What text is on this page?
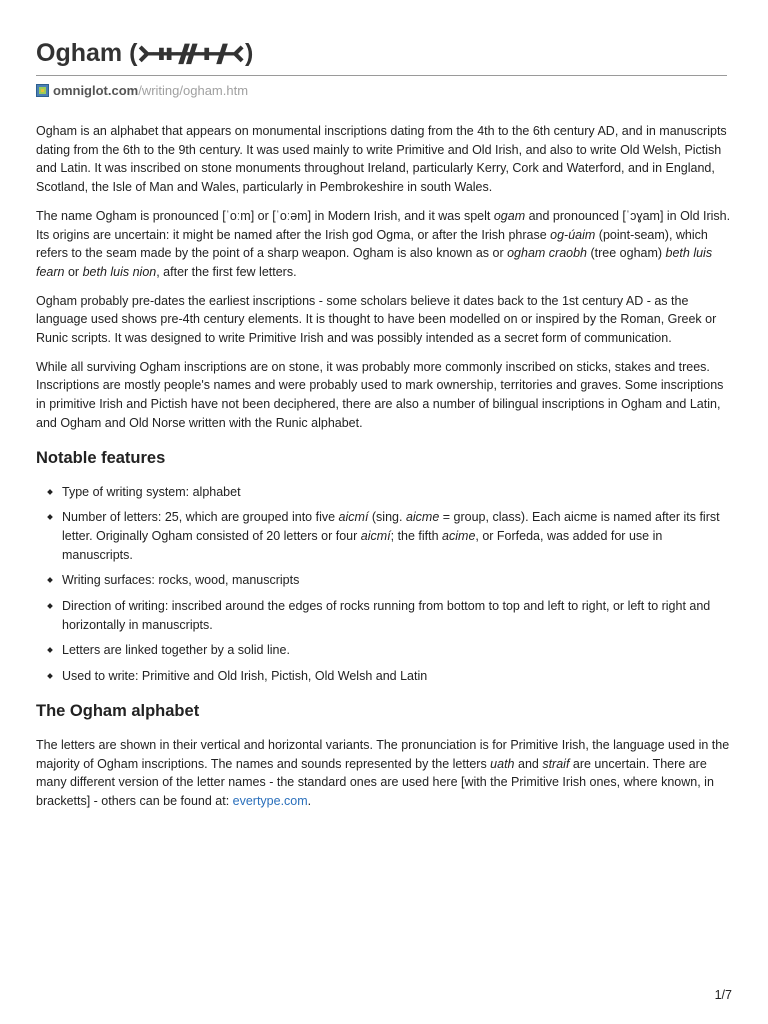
Ogham (᚛ᚑᚌᚐᚋ᚜)
omniglot.com/writing/ogham.htm

Ogham is an alphabet that appears on monumental inscriptions dating from the 4th to the 6th century AD, and in manuscripts dating from the 6th to the 9th century. It was used mainly to write Primitive and Old Irish, and also to write Old Welsh, Pictish and Latin. It was inscribed on stone monuments throughout Ireland, particularly Kerry, Cork and Waterford, and in England, Scotland, the Isle of Man and Wales, particularly in Pembrokeshire in south Wales.

The name Ogham is pronounced [ˈoːm] or [ˈoːəm] in Modern Irish, and it was spelt ogam and pronounced [ˈɔɣam] in Old Irish. Its origins are uncertain: it might be named after the Irish god Ogma, or after the Irish phrase og-úaim (point-seam), which refers to the seam made by the point of a sharp weapon. Ogham is also known as or ogham craobh (tree ogham) beth luis fearn or beth luis nion, after the first few letters.

Ogham probably pre-dates the earliest inscriptions - some scholars believe it dates back to the 1st century AD - as the language used shows pre-4th century elements. It is thought to have been modelled on or inspired by the Roman, Greek or Runic scripts. It was designed to write Primitive Irish and was possibly intended as a secret form of communication.

While all surviving Ogham inscriptions are on stone, it was probably more commonly inscribed on sticks, stakes and trees. Inscriptions are mostly people's names and were probably used to mark ownership, territories and graves. Some inscriptions in primitive Irish and Pictish have not been deciphered, there are also a number of bilingual inscriptions in Ogham and Latin, and Ogham and Old Norse written with the Runic alphabet.

Notable features
Type of writing system: alphabet
Number of letters: 25, which are grouped into five aicmí (sing. aicme = group, class). Each aicme is named after its first letter. Originally Ogham consisted of 20 letters or four aicmí; the fifth acime, or Forfeda, was added for use in manuscripts.
Writing surfaces: rocks, wood, manuscripts
Direction of writing: inscribed around the edges of rocks running from bottom to top and left to right, or left to right and horizontally in manuscripts.
Letters are linked together by a solid line.
Used to write: Primitive and Old Irish, Pictish, Old Welsh and Latin
The Ogham alphabet

The letters are shown in their vertical and horizontal variants. The pronunciation is for Primitive Irish, the language used in the majority of Ogham inscriptions. The names and sounds represented by the letters uath and straif are uncertain. There are many different version of the letter names - the standard ones are used here [with the Primitive Irish ones, where known, in bracketts] - others can be found at: evertype.com.

1/7
